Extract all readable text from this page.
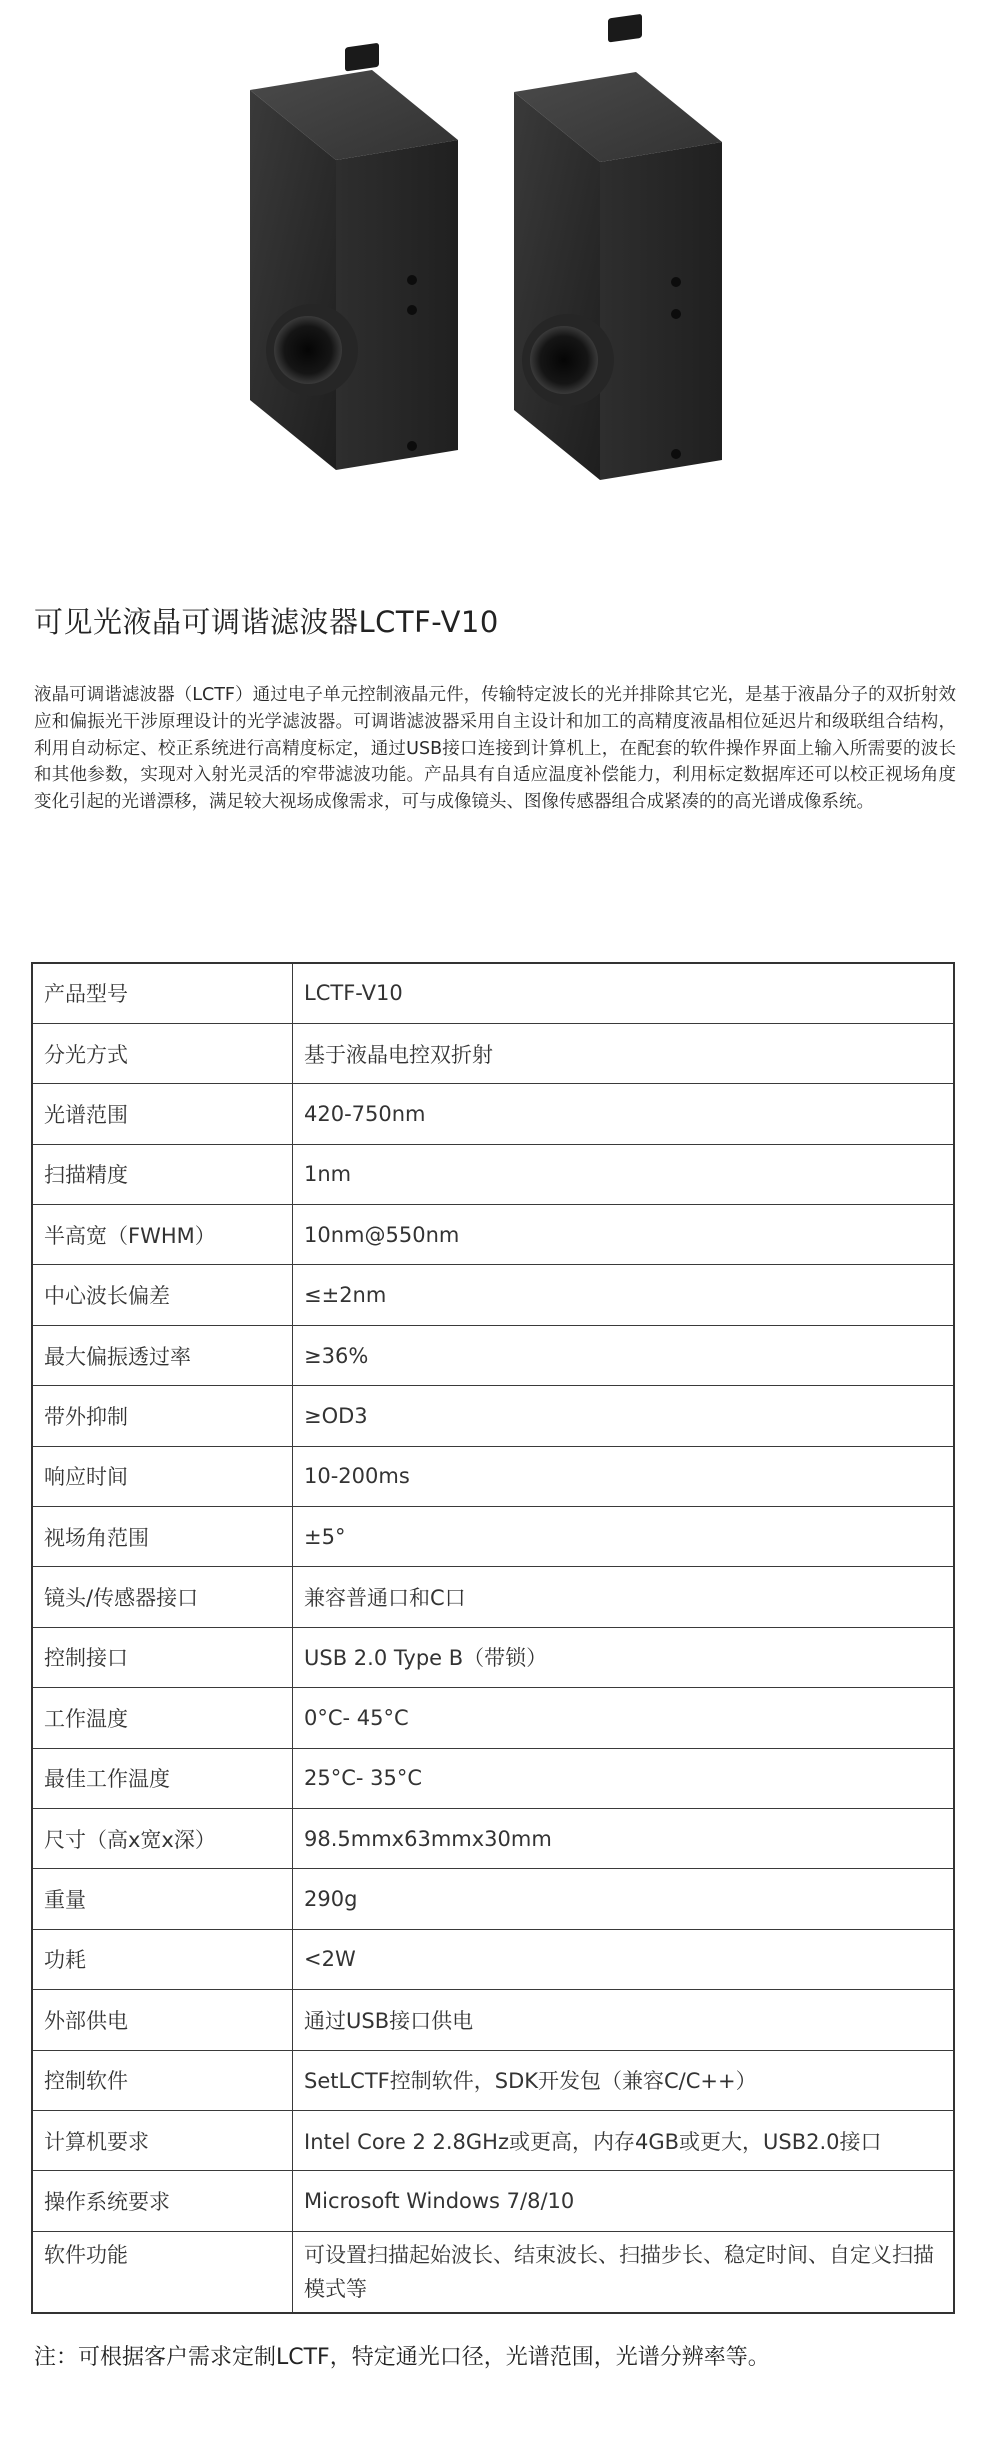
可见光液晶可调谐滤波器LCTF-V10
液晶可调谐滤波器（LCTF）通过电子单元控制液晶元件，传输特定波长的光并排除其它光，是基于液晶分子的双折射效应和偏振光干涉原理设计的光学滤波器。可调谐滤波器采用自主设计和加工的高精度液晶相位延迟片和级联组合结构，利用自动标定、校正系统进行高精度标定，通过USB接口连接到计算机上，在配套的软件操作界面上输入所需要的波长和其他参数，实现对入射光灵活的窄带滤波功能。产品具有自适应温度补偿能力，利用标定数据库还可以校正视场角度变化引起的光谱漂移，满足较大视场成像需求，可与成像镜头、图像传感器组合成紧凑的的高光谱成像系统。
产品型号	LCTF-V10
分光方式	基于液晶电控双折射
光谱范围	420-750nm
扫描精度	1nm
半高宽（FWHM）	10nm@550nm
中心波长偏差	≤±2nm
最大偏振透过率	≥36%
带外抑制	≥OD3
响应时间	10-200ms
视场角范围	±5°
镜头/传感器接口	兼容普通口和C口
控制接口	USB 2.0 Type B（带锁）
工作温度	0°C- 45°C
最佳工作温度	25°C- 35°C
尺寸（高x宽x深）	98.5mmx63mmx30mm
重量	290g
功耗	<2W
外部供电	通过USB接口供电
控制软件	SetLCTF控制软件，SDK开发包（兼容C/C++）
计算机要求	Intel Core 2 2.8GHz或更高，内存4GB或更大，USB2.0接口
操作系统要求	Microsoft Windows 7/8/10
软件功能	可设置扫描起始波长、结束波长、扫描步长、稳定时间、自定义扫描模式等
注：可根据客户需求定制LCTF，特定通光口径，光谱范围，光谱分辨率等。
